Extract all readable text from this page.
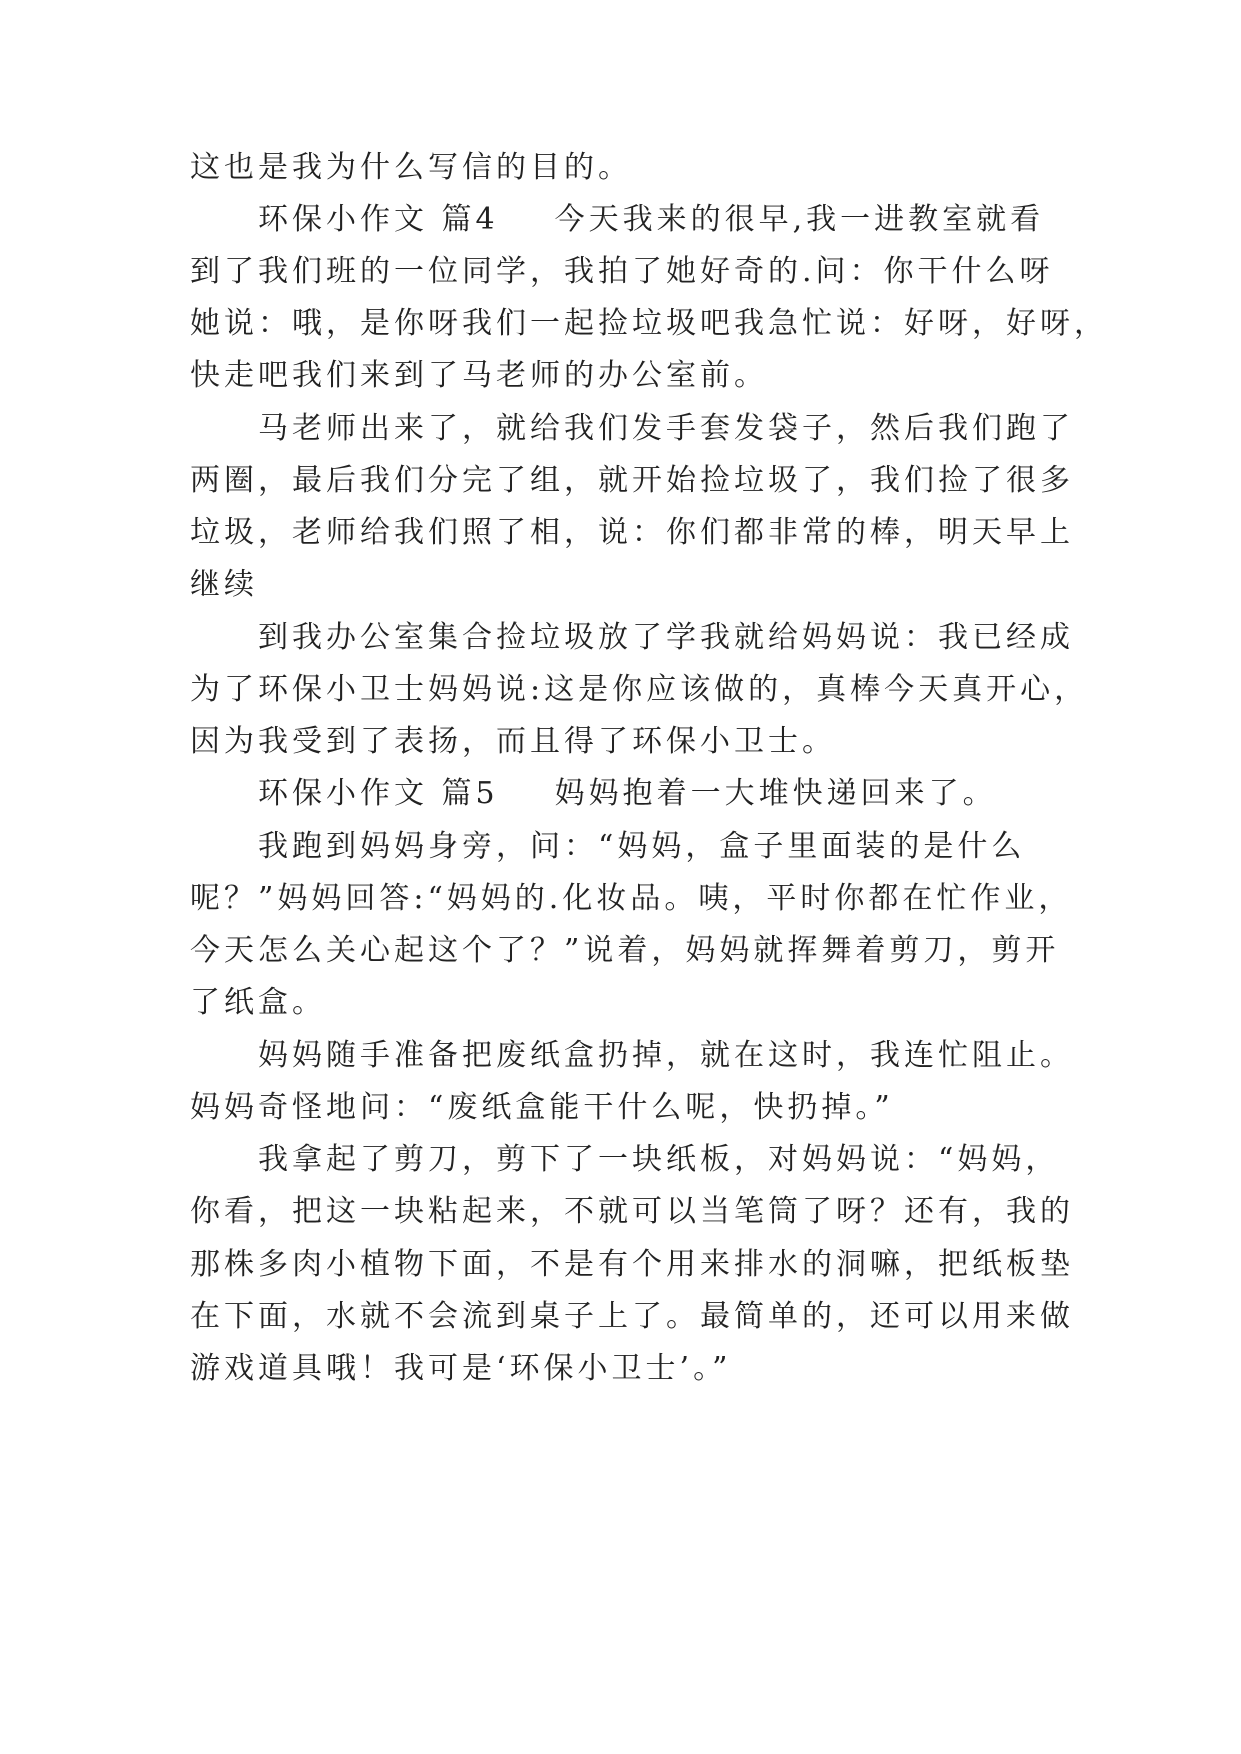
这也是我为什么写信的目的。
环保小作文 篇4 今天我来的很早,我一进教室就看
到了我们班的一位同学，我拍了她好奇的.问：你干什么呀
她说：哦，是你呀我们一起捡垃圾吧我急忙说：好呀，好呀，
快走吧我们来到了马老师的办公室前。
马老师出来了，就给我们发手套发袋子，然后我们跑了
两圈，最后我们分完了组，就开始捡垃圾了，我们捡了很多
垃圾，老师给我们照了相，说：你们都非常的棒，明天早上
继续
到我办公室集合捡垃圾放了学我就给妈妈说：我已经成
为了环保小卫士妈妈说:这是你应该做的，真棒今天真开心，
因为我受到了表扬，而且得了环保小卫士。
环保小作文 篇5 妈妈抱着一大堆快递回来了。
我跑到妈妈身旁，问：“妈妈，盒子里面装的是什么
呢？”妈妈回答:“妈妈的.化妆品。咦，平时你都在忙作业，
今天怎么关心起这个了？”说着，妈妈就挥舞着剪刀，剪开
了纸盒。
妈妈随手准备把废纸盒扔掉，就在这时，我连忙阻止。
妈妈奇怪地问：“废纸盒能干什么呢，快扔掉。”
我拿起了剪刀，剪下了一块纸板，对妈妈说：“妈妈，
你看，把这一块粘起来，不就可以当笔筒了呀？还有，我的
那株多肉小植物下面，不是有个用来排水的洞嘛，把纸板垫
在下面，水就不会流到桌子上了。最简单的，还可以用来做
游戏道具哦！我可是‘环保小卫士’。”
